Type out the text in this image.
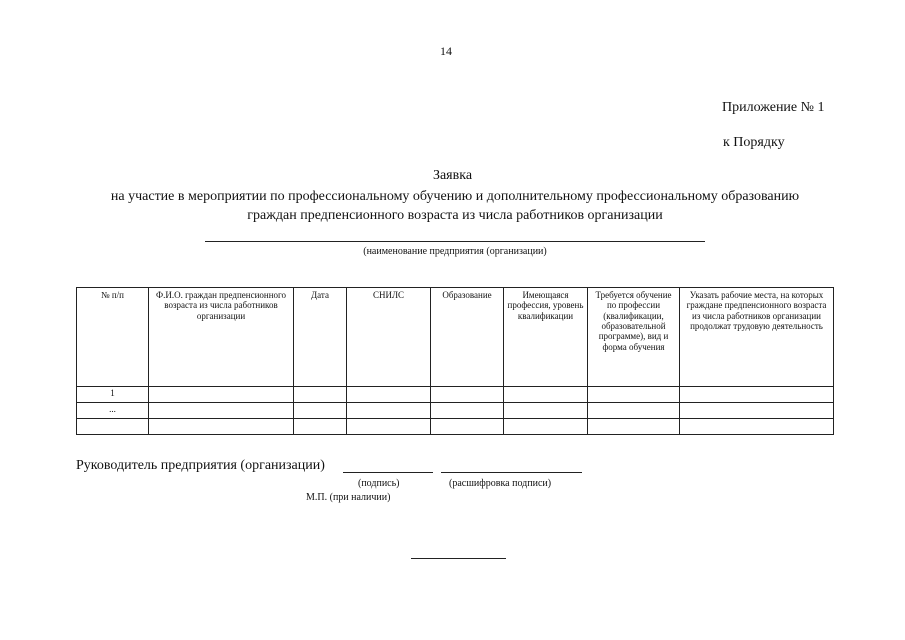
14
Приложение № 1
к Порядку
Заявка
на участие в мероприятии по профессиональному обучению и дополнительному профессиональному образованию
граждан предпенсионного возраста из числа работников организации
(наименование предприятия (организации)
№ п/п	Ф.И.О. граждан предпенсионного возраста из числа работников организации	Дата	СНИЛС	Образование	Имеющаяся профессия, уровень квалификации	Требуется обучение по профессии (квалификации, образовательной программе), вид и форма обучения	Указать рабочие места, на которых граждане предпенсионного возраста из числа работников организации продолжат трудовую деятельность
1							
...							

Руководитель предприятия (организации)
(подпись)	(расшифровка подписи)
М.П. (при наличии)
